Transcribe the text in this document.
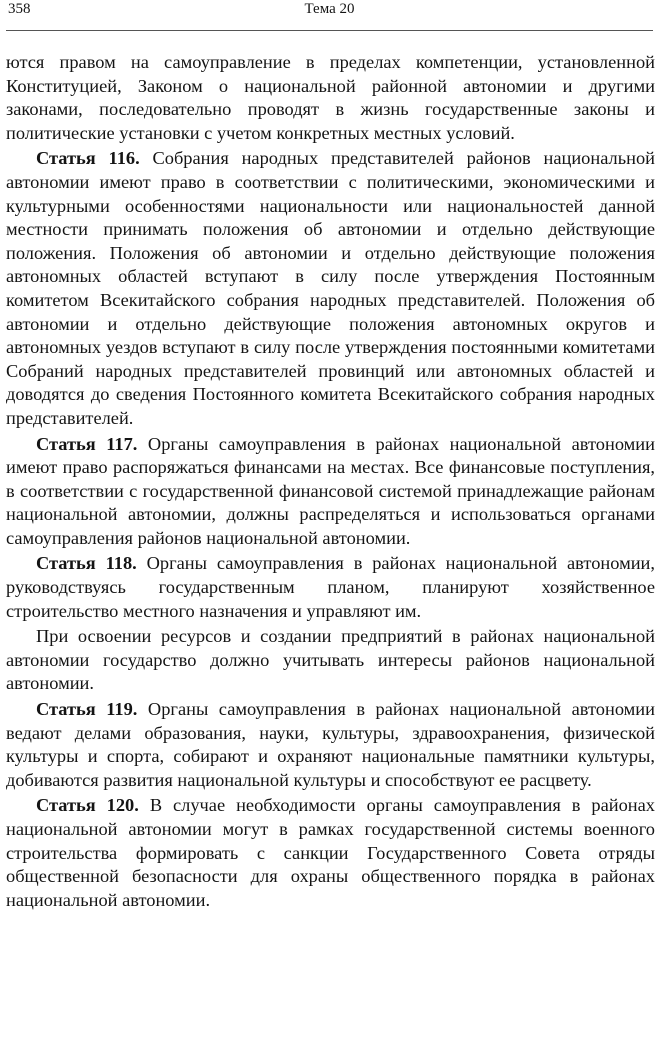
358	Тема 20

ются правом на самоуправление в пределах компетенции, установленной Конституцией, Законом о национальной районной автономии и другими законами, последовательно проводят в жизнь государственные законы и политические установки с учетом конкретных местных условий.

Статья 116. Собрания народных представителей районов национальной автономии имеют право в соответствии с политическими, экономическими и культурными особенностями национальности или национальностей данной местности принимать положения об автономии и отдельно действующие положения. Положения об автономии и отдельно действующие положения автономных областей вступают в силу после утверждения Постоянным комитетом Всекитайского собрания народных представителей. Положения об автономии и отдельно действующие положения автономных округов и автономных уездов вступают в силу после утверждения постоянными комитетами Собраний народных представителей провинций или автономных областей и доводятся до сведения Постоянного комитета Всекитайского собрания народных представителей.

Статья 117. Органы самоуправления в районах национальной автономии имеют право распоряжаться финансами на местах. Все финансовые поступления, в соответствии с государственной финансовой системой принадлежащие районам национальной автономии, должны распределяться и использоваться органами самоуправления районов национальной автономии.

Статья 118. Органы самоуправления в районах национальной автономии, руководствуясь государственным планом, планируют хозяйственное строительство местного назначения и управляют им.

При освоении ресурсов и создании предприятий в районах национальной автономии государство должно учитывать интересы районов национальной автономии.

Статья 119. Органы самоуправления в районах национальной автономии ведают делами образования, науки, культуры, здравоохранения, физической культуры и спорта, собирают и охраняют национальные памятники культуры, добиваются развития национальной культуры и способствуют ее расцвету.

Статья 120. В случае необходимости органы самоуправления в районах национальной автономии могут в рамках государственной системы военного строительства формировать с санкции Государственного Совета отряды общественной безопасности для охраны общественного порядка в районах национальной автономии.
